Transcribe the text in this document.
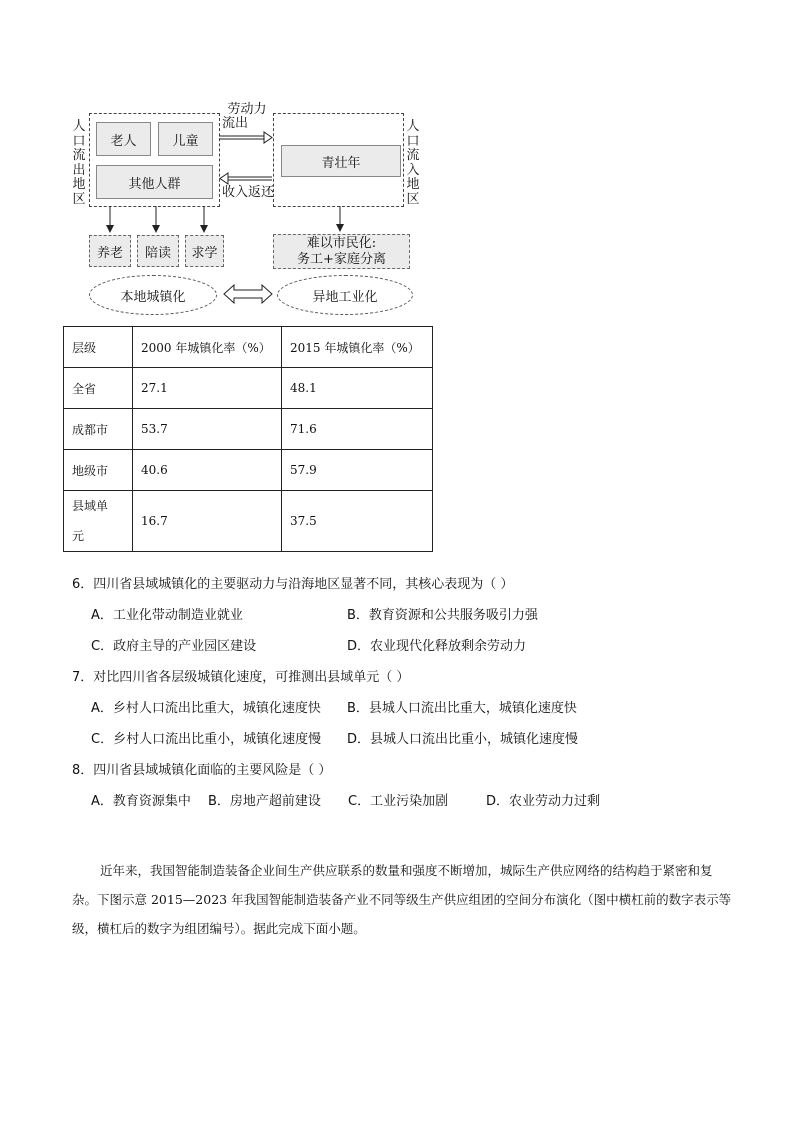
人口流出地区
人口流入地区
老人	儿童
其他人群
青壮年
劳动力
流出
收入返还
养老	陪读	求学
难以市民化:
务工+家庭分离
本地城镇化	异地工业化
层级	2000 年城镇化率（%）	2015 年城镇化率（%）
全省	27.1	48.1
成都市	53.7	71.6
地级市	40.6	57.9

县域单
元	16.7	37.5
6．四川省县域城镇化的主要驱动力与沿海地区显著不同，其核心表现为（ ）
A．工业化带动制造业就业	B．教育资源和公共服务吸引力强
C．政府主导的产业园区建设	D．农业现代化释放剩余劳动力
7．对比四川省各层级城镇化速度，可推测出县域单元（ ）
A．乡村人口流出比重大，城镇化速度快 B．县城人口流出比重大，城镇化速度快
C．乡村人口流出比重小，城镇化速度慢 D．县城人口流出比重小，城镇化速度慢
8．四川省县域城镇化面临的主要风险是（ ）
A．教育资源集中 B．房地产超前建设 C．工业污染加剧	D．农业劳动力过剩
近年来，我国智能制造装备企业间生产供应联系的数量和强度不断增加，城际生产供应网络的结构趋于紧密和复杂。下图示意 2015—2023 年我国智能制造装备产业不同等级生产供应组团的空间分布演化（图中横杠前的数字表示等级，横杠后的数字为组团编号）。据此完成下面小题。
